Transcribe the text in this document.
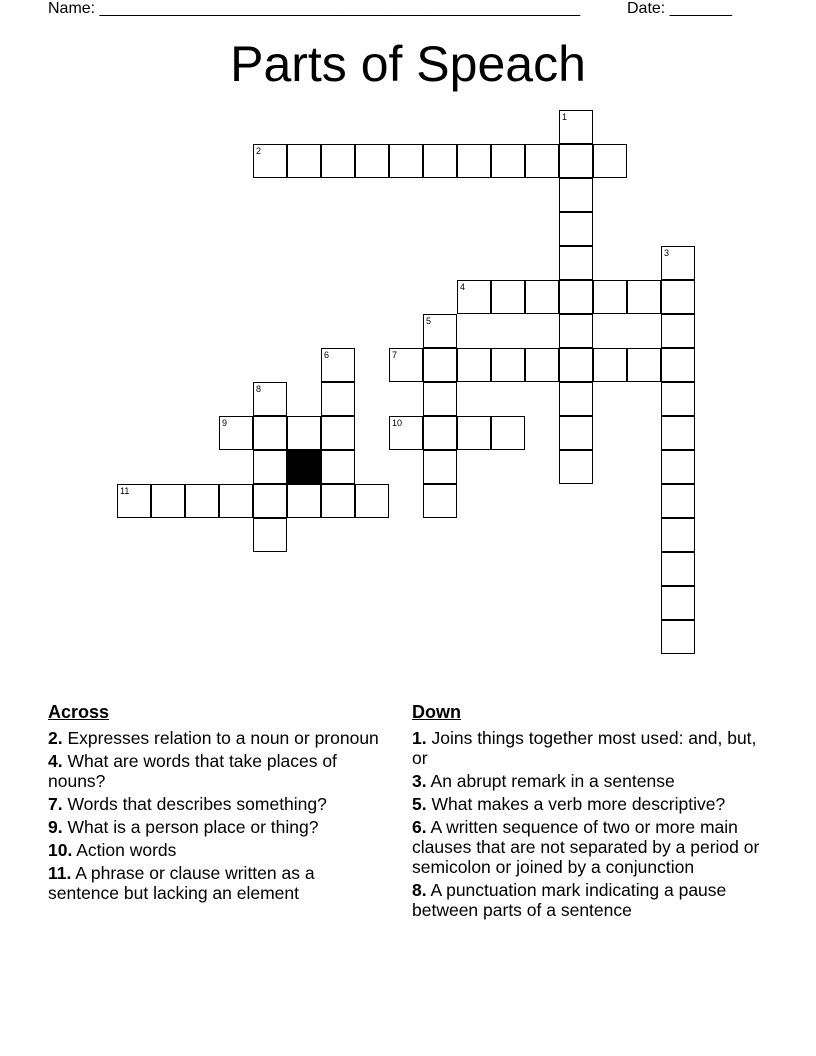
Name: ______________________________________________________	Date: _______
Parts of Speach
1
2
3
4
5
6	7
8
9	10
11
Across
2. Expresses relation to a noun or pronoun
4. What are words that take places of nouns?
7. Words that describes something?
9. What is a person place or thing?
10. Action words
11. A phrase or clause written as a sentence but lacking an element
Down
1. Joins things together most used: and, but, or
3. An abrupt remark in a sentense
5. What makes a verb more descriptive?
6. A written sequence of two or more main clauses that are not separated by a period or semicolon or joined by a conjunction
8. A punctuation mark indicating a pause between parts of a sentence
